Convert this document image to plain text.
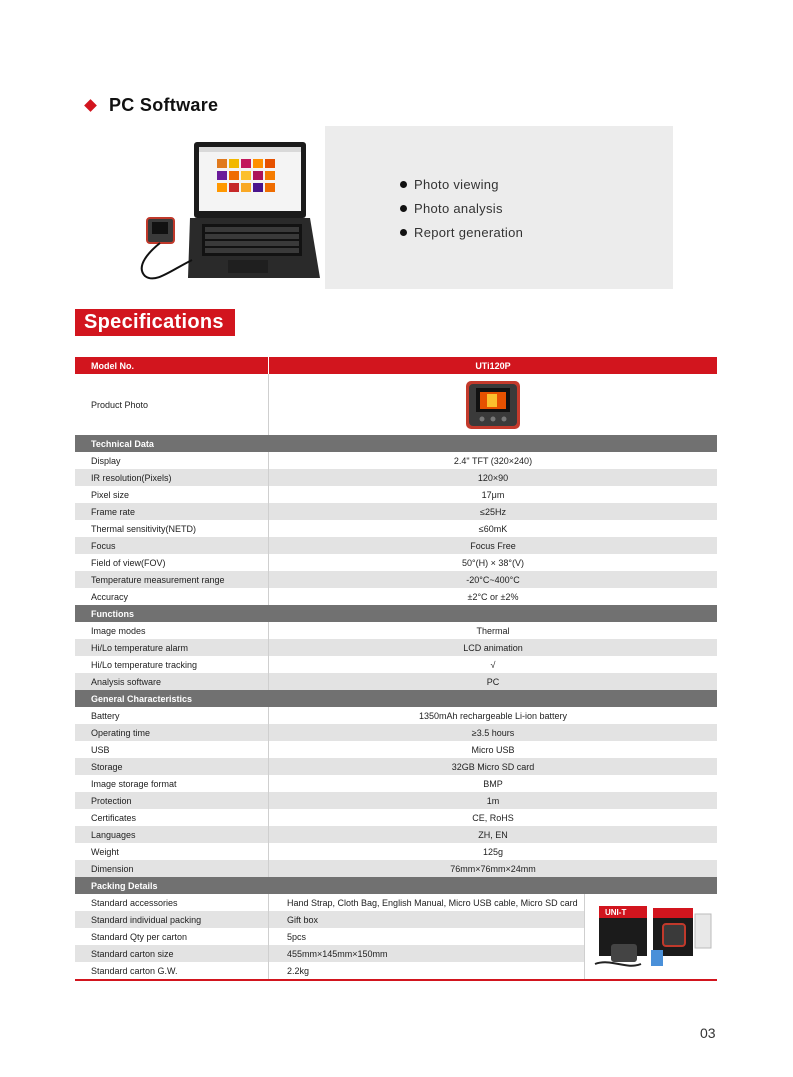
PC Software
Photo viewing
Photo analysis
Report generation
Specifications
Model No.	UTi120P
Product Photo
Technical Data
Display	2.4" TFT (320×240)
IR resolution(Pixels)	120×90
Pixel size	17μm
Frame rate	≤25Hz
Thermal sensitivity(NETD)	≤60mK
Focus	Focus Free
Field of view(FOV)	50°(H) × 38°(V)
Temperature measurement range	-20°C~400°C
Accuracy	±2°C or ±2%
Functions
Image modes	Thermal
Hi/Lo temperature alarm	LCD animation
Hi/Lo temperature tracking	√
Analysis software	PC
General Characteristics
Battery	1350mAh rechargeable Li-ion battery
Operating time	≥3.5 hours
USB	Micro USB
Storage	32GB Micro SD card
Image storage format	BMP
Protection	1m
Certificates	CE, RoHS
Languages	ZH, EN
Weight	125g
Dimension	76mm×76mm×24mm
Packing Details
Standard accessories	Hand Strap, Cloth Bag, English Manual, Micro USB cable, Micro SD card
Standard individual packing	Gift box
Standard Qty per carton	5pcs
Standard carton size	455mm×145mm×150mm
Standard carton G.W.	2.2kg
UNI-T
03
